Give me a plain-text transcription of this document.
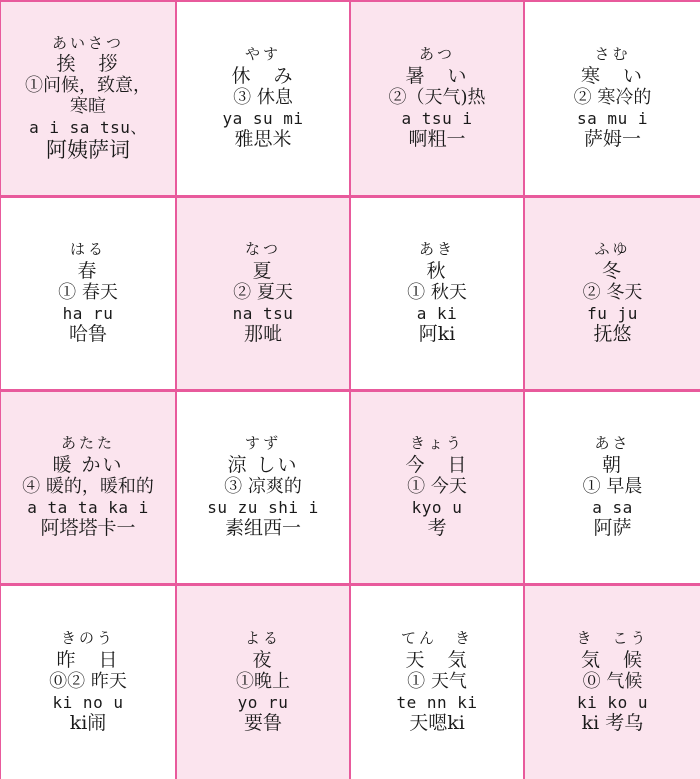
あいさつ
挨　拶
①问候，致意，
寒暄
a i sa tsu、
阿姨萨词
やす
休　み
③ 休息
ya su mi
雅思米
あつ
暑　い
②（天气)热
a tsu i
啊粗一
さむ
寒　い
② 寒冷的
sa mu i
萨姆一
はる
春
① 春天
ha ru
哈鲁
なつ
夏
② 夏天
na tsu
那呲
あき
秋
① 秋天
a ki
阿ki
ふゆ
冬
② 冬天
fu ju
抚悠
あたた
暖 かい
④ 暖的，暖和的
a ta ta ka i
阿塔塔卡一
すず
涼 しい
③ 凉爽的
su zu shi i
素组西一
きょう
今　日
① 今天
kyo u
考
あさ
朝
① 早晨
a sa
阿萨
きのう
昨　日
⓪② 昨天
ki no u
ki闹
よる
夜
①晚上
yo ru
要鲁
てん　き
天　気
① 天气
te nn ki
天嗯ki
き　こう
気　候
⓪ 气候
ki ko u
ki 考乌
